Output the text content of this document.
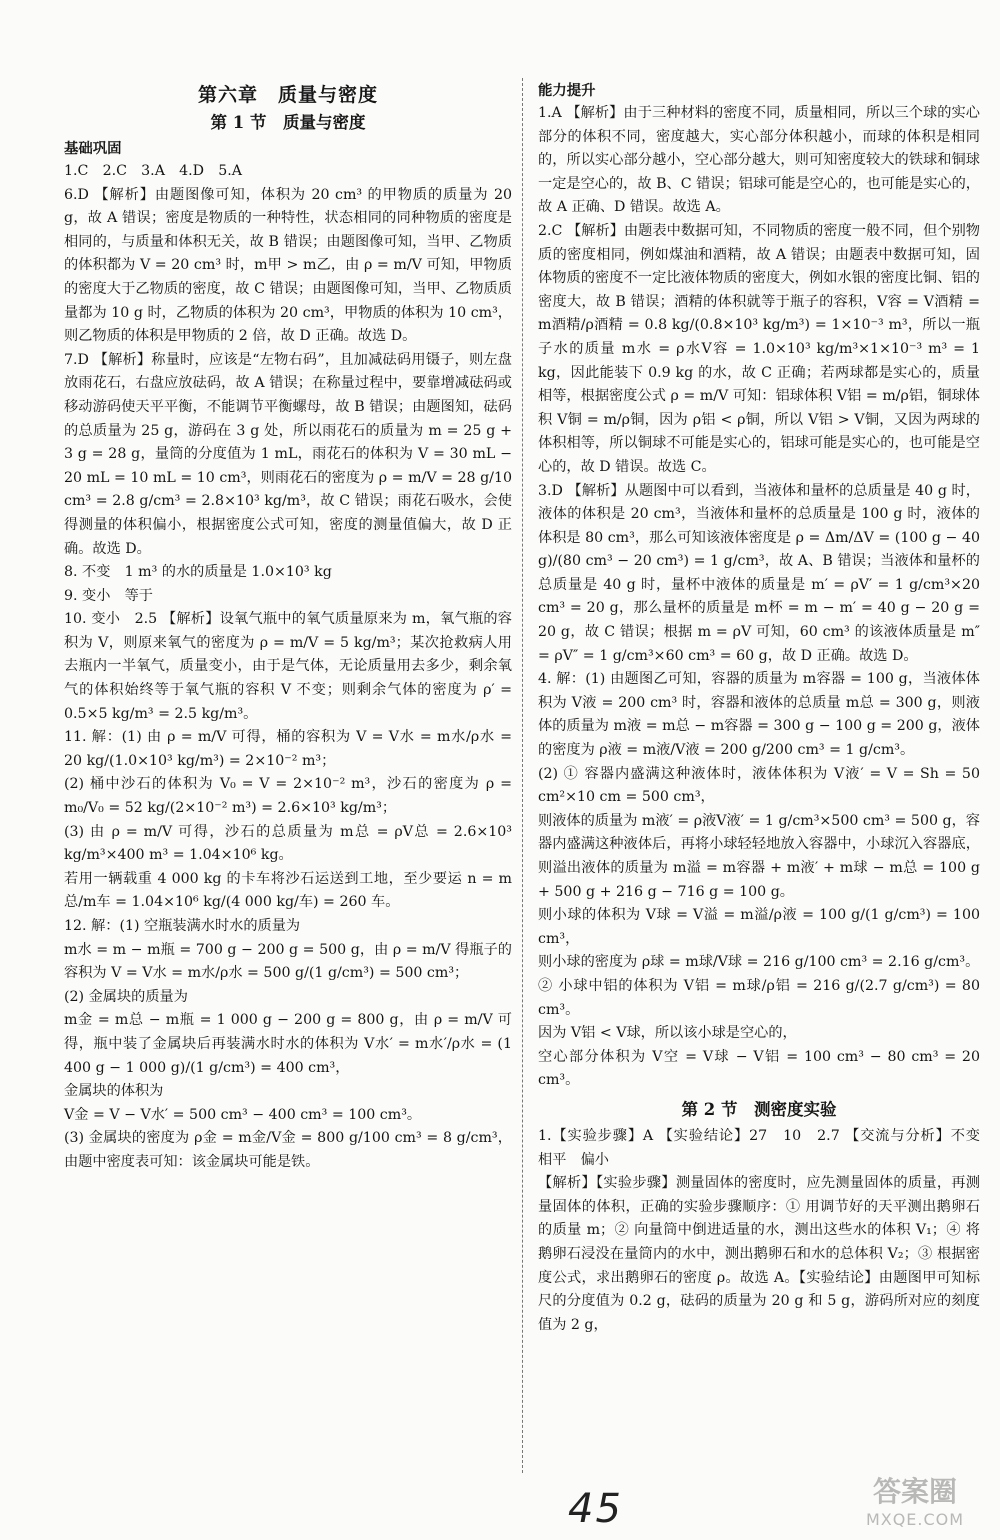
第六章　质量与密度
第 1 节　质量与密度
基础巩固

1.C　2.C　3.A　4.D　5.A

6.D 【解析】由题图像可知，体积为 20 cm³ 的甲物质的质量为 20 g，故 A 错误；密度是物质的一种特性，状态相同的同种物质的密度是相同的，与质量和体积无关，故 B 错误；由题图像可知，当甲、乙物质的体积都为 V = 20 cm³ 时，m甲 > m乙，由 ρ = m/V 可知，甲物质的密度大于乙物质的密度，故 C 错误；由题图像可知，当甲、乙物质质量都为 10 g 时，乙物质的体积为 20 cm³，甲物质的体积为 10 cm³，则乙物质的体积是甲物质的 2 倍，故 D 正确。故选 D。

7.D 【解析】称量时，应该是“左物右码”，且加减砝码用镊子，则左盘放雨花石，右盘应放砝码，故 A 错误；在称量过程中，要靠增减砝码或移动游码使天平平衡，不能调节平衡螺母，故 B 错误；由题图知，砝码的总质量为 25 g，游码在 3 g 处，所以雨花石的质量为 m = 25 g + 3 g = 28 g，量筒的分度值为 1 mL，雨花石的体积为 V = 30 mL − 20 mL = 10 mL = 10 cm³，则雨花石的密度为 ρ = m/V = 28 g/10 cm³ = 2.8 g/cm³ = 2.8×10³ kg/m³，故 C 错误；雨花石吸水，会使得测量的体积偏小，根据密度公式可知，密度的测量值偏大，故 D 正确。故选 D。

8. 不变　1 m³ 的水的质量是 1.0×10³ kg

9. 变小　等于

10. 变小　2.5 【解析】设氧气瓶中的氧气质量原来为 m，氧气瓶的容积为 V，则原来氧气的密度为 ρ = m/V = 5 kg/m³；某次抢救病人用去瓶内一半氧气，质量变小，由于是气体，无论质量用去多少，剩余氧气的体积始终等于氧气瓶的容积 V 不变；则剩余气体的密度为 ρ′ = 0.5×5 kg/m³ = 2.5 kg/m³。

11. 解：(1) 由 ρ = m/V 可得，桶的容积为 V = V水 = m水/ρ水 = 20 kg/(1.0×10³ kg/m³) = 2×10⁻² m³；

(2) 桶中沙石的体积为 V₀ = V = 2×10⁻² m³，沙石的密度为 ρ = m₀/V₀ = 52 kg/(2×10⁻² m³) = 2.6×10³ kg/m³；

(3) 由 ρ = m/V 可得，沙石的总质量为 m总 = ρV总 = 2.6×10³ kg/m³×400 m³ = 1.04×10⁶ kg。

若用一辆载重 4 000 kg 的卡车将沙石运送到工地，至少要运 n = m总/m车 = 1.04×10⁶ kg/(4 000 kg/车) = 260 车。

12. 解：(1) 空瓶装满水时水的质量为

m水 = m − m瓶 = 700 g − 200 g = 500 g，由 ρ = m/V 得瓶子的容积为 V = V水 = m水/ρ水 = 500 g/(1 g/cm³) = 500 cm³；

(2) 金属块的质量为

m金 = m总 − m瓶 = 1 000 g − 200 g = 800 g，由 ρ = m/V 可得，瓶中装了金属块后再装满水时水的体积为 V水′ = m水′/ρ水 = (1 400 g − 1 000 g)/(1 g/cm³) = 400 cm³，

金属块的体积为

V金 = V − V水′ = 500 cm³ − 400 cm³ = 100 cm³。

(3) 金属块的密度为 ρ金 = m金/V金 = 800 g/100 cm³ = 8 g/cm³，由题中密度表可知：该金属块可能是铁。

能力提升

1.A 【解析】由于三种材料的密度不同，质量相同，所以三个球的实心部分的体积不同，密度越大，实心部分体积越小，而球的体积是相同的，所以实心部分越小，空心部分越大，则可知密度较大的铁球和铜球一定是空心的，故 B、C 错误；铝球可能是空心的，也可能是实心的，故 A 正确、D 错误。故选 A。

2.C 【解析】由题表中数据可知，不同物质的密度一般不同，但个别物质的密度相同，例如煤油和酒精，故 A 错误；由题表中数据可知，固体物质的密度不一定比液体物质的密度大，例如水银的密度比铜、铝的密度大，故 B 错误；酒精的体积就等于瓶子的容积，V容 = V酒精 = m酒精/ρ酒精 = 0.8 kg/(0.8×10³ kg/m³) = 1×10⁻³ m³，所以一瓶子水的质量 m水 = ρ水V容 = 1.0×10³ kg/m³×1×10⁻³ m³ = 1 kg，因此能装下 0.9 kg 的水，故 C 正确；若两球都是实心的，质量相等，根据密度公式 ρ = m/V 可知：铝球体积 V铝 = m/ρ铝，铜球体积 V铜 = m/ρ铜，因为 ρ铝 < ρ铜，所以 V铝 > V铜，又因为两球的体积相等，所以铜球不可能是实心的，铝球可能是实心的，也可能是空心的，故 D 错误。故选 C。

3.D 【解析】从题图中可以看到，当液体和量杯的总质量是 40 g 时，液体的体积是 20 cm³，当液体和量杯的总质量是 100 g 时，液体的体积是 80 cm³，那么可知该液体密度是 ρ = Δm/ΔV = (100 g − 40 g)/(80 cm³ − 20 cm³) = 1 g/cm³，故 A、B 错误；当液体和量杯的总质量是 40 g 时，量杯中液体的质量是 m′ = ρV′ = 1 g/cm³×20 cm³ = 20 g，那么量杯的质量是 m杯 = m − m′ = 40 g − 20 g = 20 g，故 C 错误；根据 m = ρV 可知，60 cm³ 的该液体质量是 m″ = ρV″ = 1 g/cm³×60 cm³ = 60 g，故 D 正确。故选 D。

4. 解：(1) 由题图乙可知，容器的质量为 m容器 = 100 g，当液体体积为 V液 = 200 cm³ 时，容器和液体的总质量 m总 = 300 g，则液体的质量为 m液 = m总 − m容器 = 300 g − 100 g = 200 g，液体的密度为 ρ液 = m液/V液 = 200 g/200 cm³ = 1 g/cm³。

(2) ① 容器内盛满这种液体时，液体体积为 V液′ = V = Sh = 50 cm²×10 cm = 500 cm³，

则液体的质量为 m液′ = ρ液V液′ = 1 g/cm³×500 cm³ = 500 g，容器内盛满这种液体后，再将小球轻轻地放入容器中，小球沉入容器底，则溢出液体的质量为 m溢 = m容器 + m液′ + m球 − m总 = 100 g + 500 g + 216 g − 716 g = 100 g。

则小球的体积为 V球 = V溢 = m溢/ρ液 = 100 g/(1 g/cm³) = 100 cm³，

则小球的密度为 ρ球 = m球/V球 = 216 g/100 cm³ = 2.16 g/cm³。

② 小球中铝的体积为 V铝 = m球/ρ铝 = 216 g/(2.7 g/cm³) = 80 cm³。

因为 V铝 < V球，所以该小球是空心的，

空心部分体积为 V空 = V球 − V铝 = 100 cm³ − 80 cm³ = 20 cm³。

第 2 节　测密度实验

1.【实验步骤】A 【实验结论】27　10　2.7 【交流与分析】不变　相平　偏小

【解析】【实验步骤】测量固体的密度时，应先测量固体的质量，再测量固体的体积，正确的实验步骤顺序：① 用调节好的天平测出鹅卵石的质量 m；② 向量筒中倒进适量的水，测出这些水的体积 V₁；④ 将鹅卵石浸没在量筒内的水中，测出鹅卵石和水的总体积 V₂；③ 根据密度公式，求出鹅卵石的密度 ρ。故选 A。【实验结论】由题图甲可知标尺的分度值为 0.2 g，砝码的质量为 20 g 和 5 g，游码所对应的刻度值为 2 g，

45	答案圈
MXQE.COM
